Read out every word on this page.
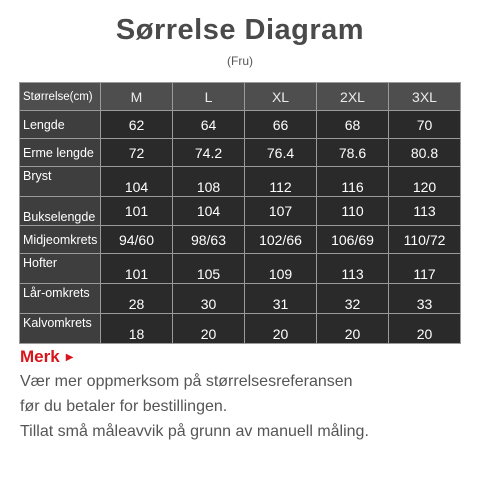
Sørrelse Diagram
(Fru)
Størrelse(cm)	M	L	XL	2XL	3XL
Lengde	62	64	66	68	70
Erme lengde	72	74.2	76.4	78.6	80.8
Bryst	104	108	112	116	120
Bukselengde	101	104	107	110	113
Midjeomkrets	94/60	98/63	102/66	106/69	110/72
Hofter	101	105	109	113	117
Lår-omkrets	28	30	31	32	33
Kalvomkrets	18	20	20	20	20
Merk ▶
Vær mer oppmerksom på størrelsesreferansen
før du betaler for bestillingen.
Tillat små måleavvik på grunn av manuell måling.
